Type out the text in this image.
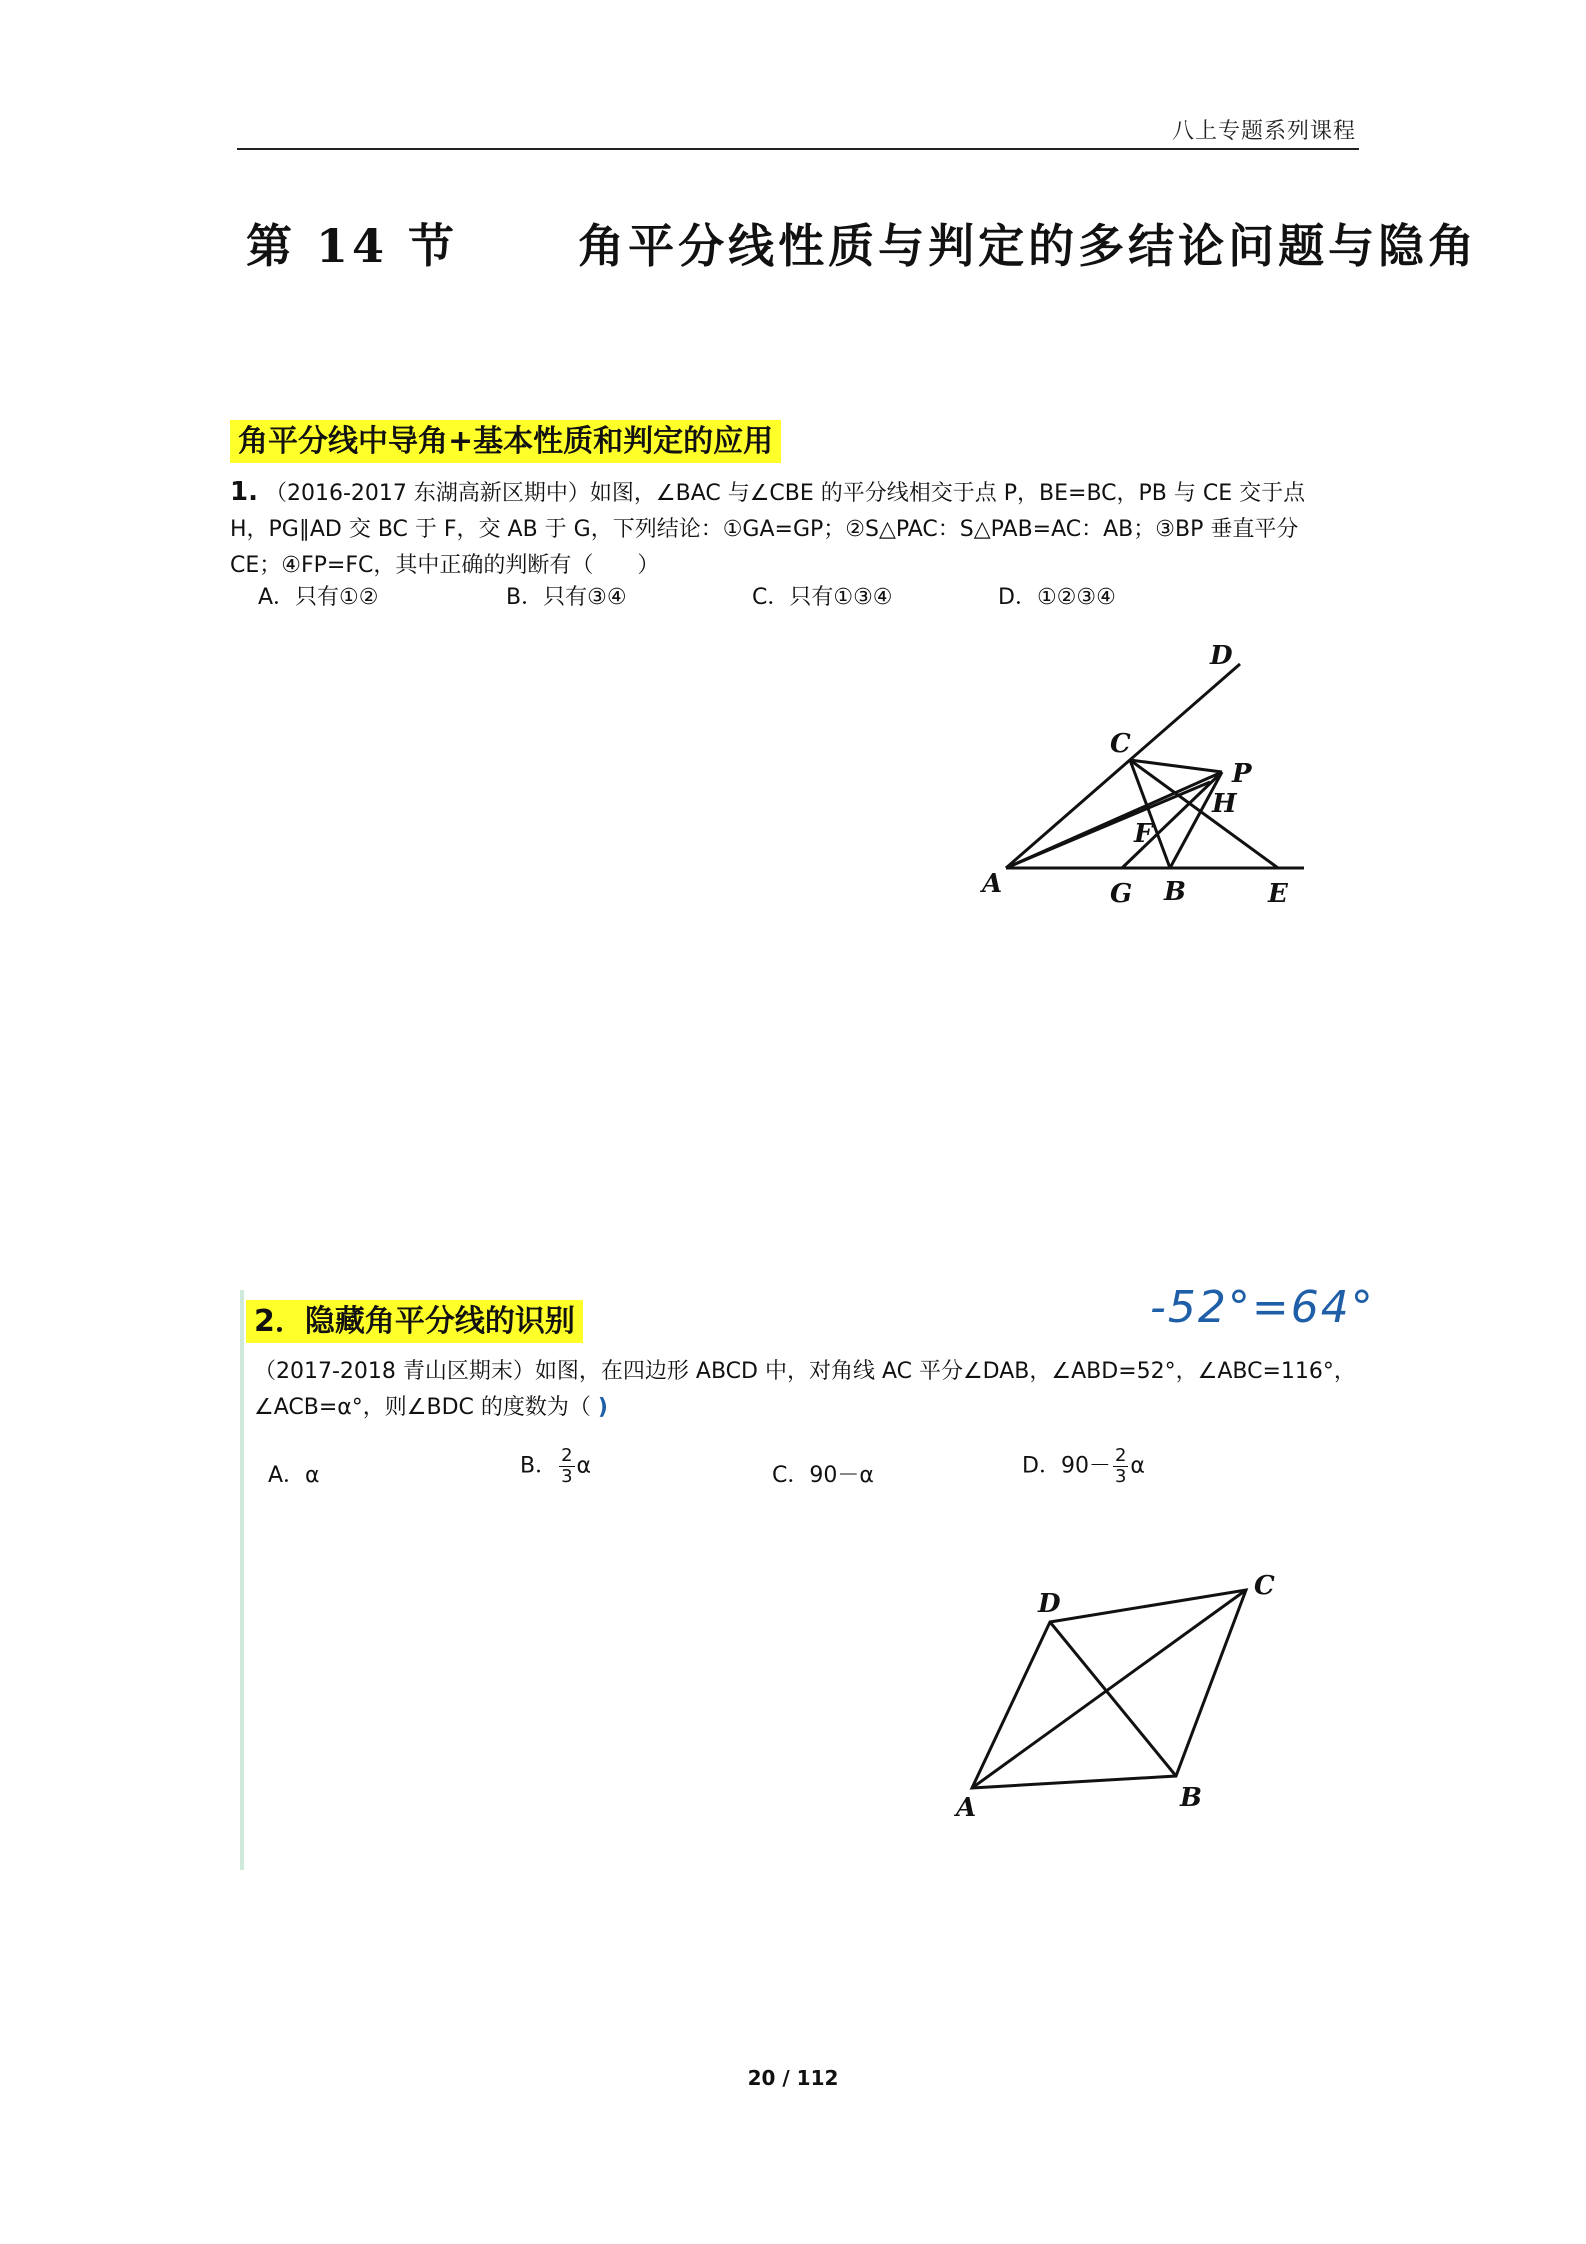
八上专题系列课程
第 14 节	角平分线性质与判定的多结论问题与隐角
角平分线中导角+基本性质和判定的应用
1. （2016-2017 东湖高新区期中）如图，∠BAC 与∠CBE 的平分线相交于点 P，BE=BC，PB 与 CE 交于点 H，PG∥AD 交 BC 于 F，交 AB 于 G，下列结论：①GA=GP；②S△PAC：S△PAB=AC：AB；③BP 垂直平分 CE；④FP=FC，其中正确的判断有（　　）
A．只有①②	B．只有③④	C．只有①③④	D．①②③④
D
C
P
H
F
A	G B	E
2．隐藏角平分线的识别	-52°=64°
（2017-2018 青山区期末）如图，在四边形 ABCD 中，对角线 AC 平分∠DAB，∠ABD=52°，∠ABC=116°，∠ACB=α°，则∠BDC 的度数为（ )
A．α	B． $\frac{2}{3}$ α	C．90－α	D．$90- \frac{2}{3}$ α
D
C
A	B
20 / 112
